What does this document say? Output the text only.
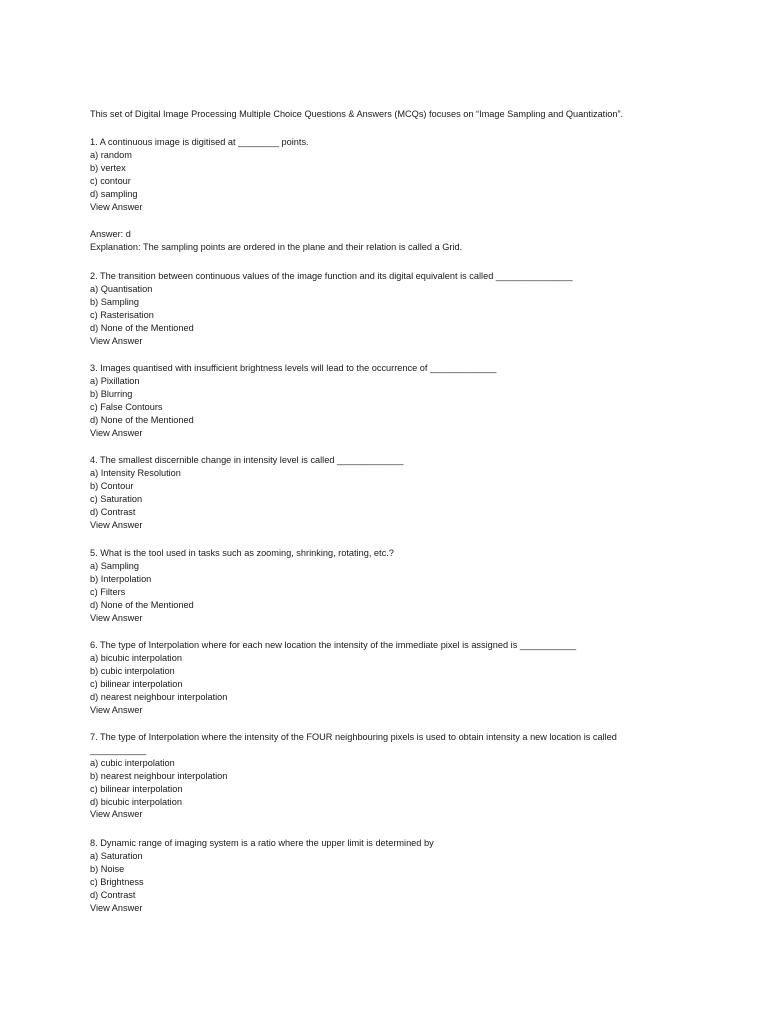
This set of Digital Image Processing Multiple Choice Questions & Answers (MCQs) focuses on “Image Sampling and Quantization”.
1. A continuous image is digitised at ________ points.
a) random
b) vertex
c) contour
d) sampling
View Answer
Answer: d
Explanation: The sampling points are ordered in the plane and their relation is called a Grid.
2. The transition between continuous values of the image function and its digital equivalent is called _______________
a) Quantisation
b) Sampling
c) Rasterisation
d) None of the Mentioned
View Answer
3. Images quantised with insufficient brightness levels will lead to the occurrence of _____________
a) Pixillation
b) Blurring
c) False Contours
d) None of the Mentioned
View Answer
4. The smallest discernible change in intensity level is called _____________
a) Intensity Resolution
b) Contour
c) Saturation
d) Contrast
View Answer
5. What is the tool used in tasks such as zooming, shrinking, rotating, etc.?
a) Sampling
b) Interpolation
c) Filters
d) None of the Mentioned
View Answer
6. The type of Interpolation where for each new location the intensity of the immediate pixel is assigned is ___________
a) bicubic interpolation
b) cubic interpolation
c) bilinear interpolation
d) nearest neighbour interpolation
View Answer
7. The type of Interpolation where the intensity of the FOUR neighbouring pixels is used to obtain intensity a new location is called
___________
a) cubic interpolation
b) nearest neighbour interpolation
c) bilinear interpolation
d) bicubic interpolation
View Answer
8. Dynamic range of imaging system is a ratio where the upper limit is determined by
a) Saturation
b) Noise
c) Brightness
d) Contrast
View Answer
